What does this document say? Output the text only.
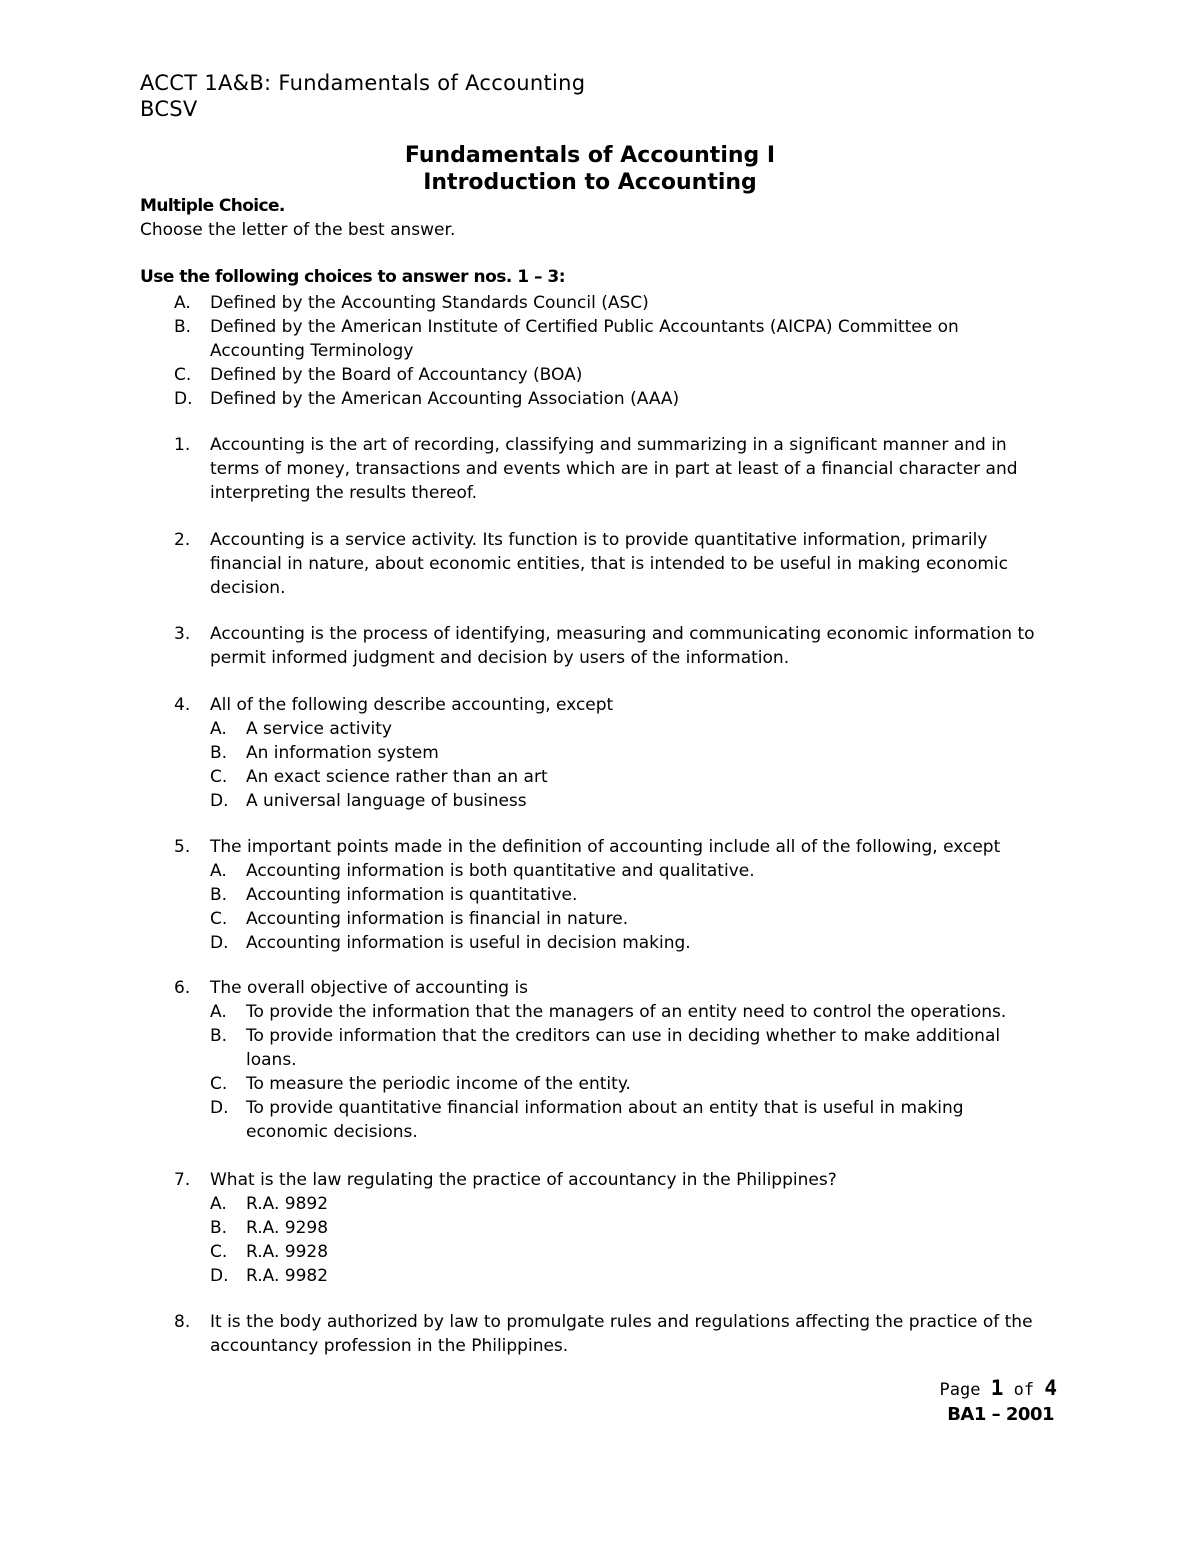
ACCT 1A&B: Fundamentals of Accounting
BCSV
Fundamentals of Accounting I
Introduction to Accounting
Multiple Choice.
Choose the letter of the best answer.
Use the following choices to answer nos. 1 – 3:
A.	Defined by the Accounting Standards Council (ASC)
B.	Defined by the American Institute of Certified Public Accountants (AICPA) Committee on Accounting Terminology
C.	Defined by the Board of Accountancy (BOA)
D.	Defined by the American Accounting Association (AAA)
1.	Accounting is the art of recording, classifying and summarizing in a significant manner and in terms of money, transactions and events which are in part at least of a financial character and interpreting the results thereof.
2.	Accounting is a service activity. Its function is to provide quantitative information, primarily financial in nature, about economic entities, that is intended to be useful in making economic decision.
3.	Accounting is the process of identifying, measuring and communicating economic information to permit informed judgment and decision by users of the information.
4.	All of the following describe accounting, except
A.	A service activity
B.	An information system
C.	An exact science rather than an art
D.	A universal language of business
5.	The important points made in the definition of accounting include all of the following, except
A.	Accounting information is both quantitative and qualitative.
B.	Accounting information is quantitative.
C.	Accounting information is financial in nature.
D.	Accounting information is useful in decision making.
6.	The overall objective of accounting is
A.	To provide the information that the managers of an entity need to control the operations.
B.	To provide information that the creditors can use in deciding whether to make additional loans.
C.	To measure the periodic income of the entity.
D.	To provide quantitative financial information about an entity that is useful in making economic decisions.
7.	What is the law regulating the practice of accountancy in the Philippines?
A.	R.A. 9892
B.	R.A. 9298
C.	R.A. 9928
D.	R.A. 9982
8.	It is the body authorized by law to promulgate rules and regulations affecting the practice of the accountancy profession in the Philippines.
Page 1 of 4
BA1 – 2001
